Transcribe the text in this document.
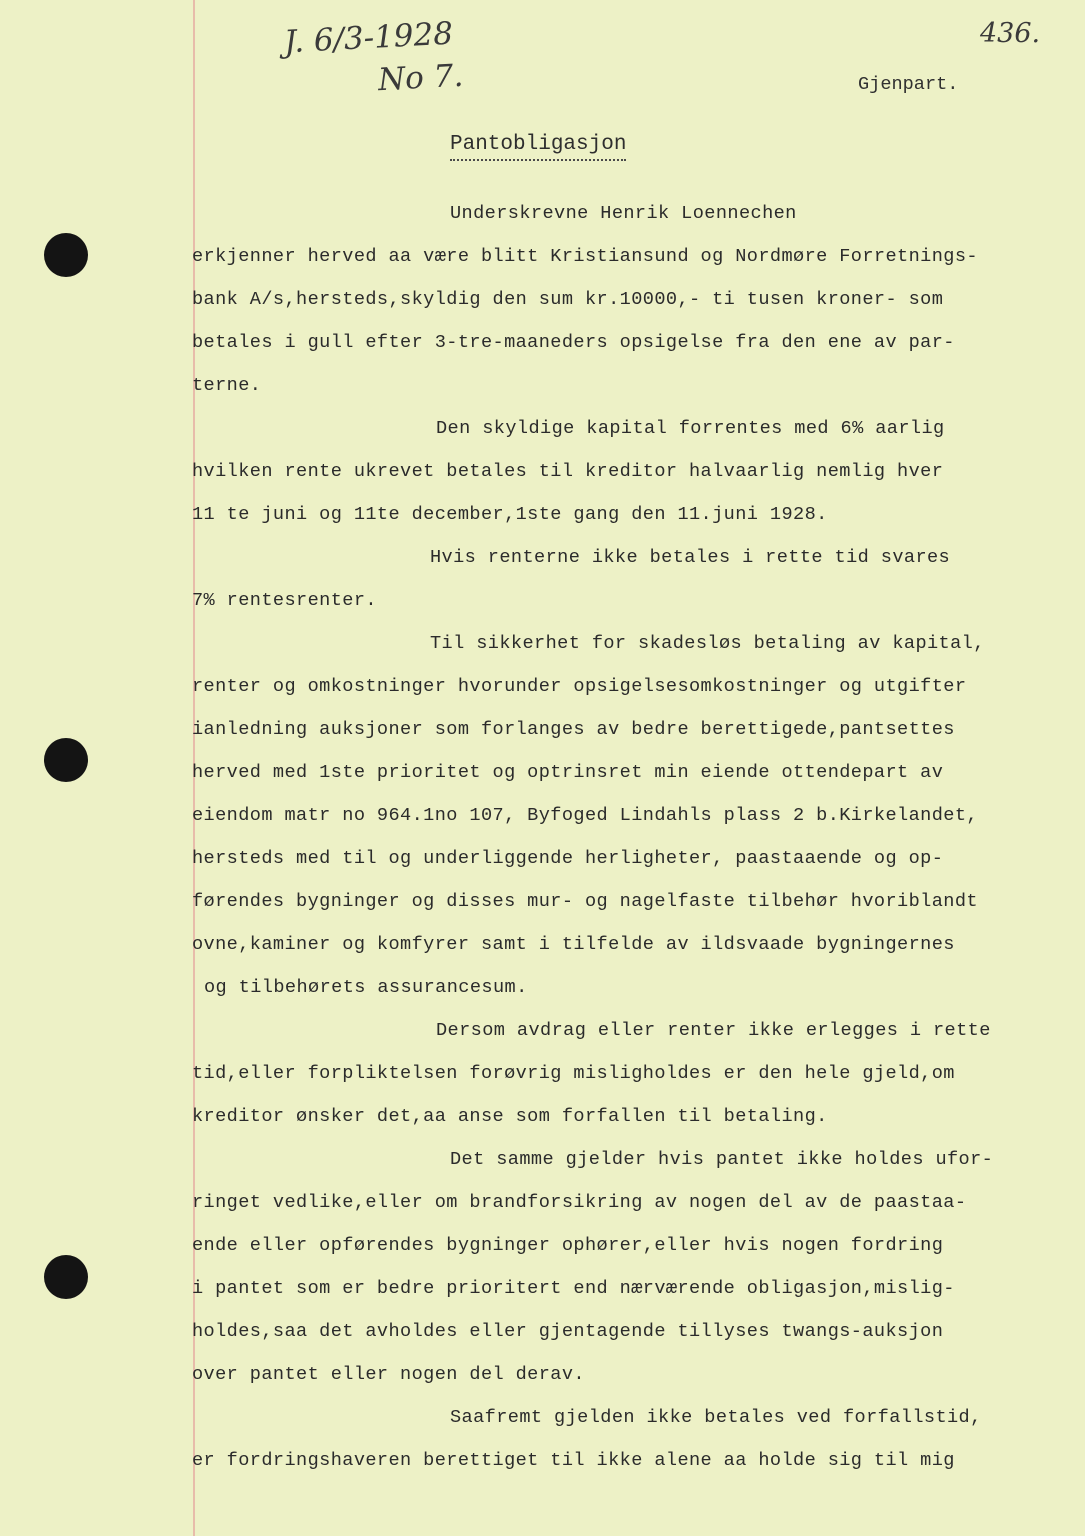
J. 6/3-1928
No 7.
436.
Gjenpart.
Pantobligasjon
Underskrevne Henrik Loennechen
erkjenner herved aa være blitt Kristiansund og Nordmøre Forretnings-
bank A/s,hersteds,skyldig den sum kr.10000,- ti tusen kroner- som
betales i gull efter 3-tre-maaneders opsigelse fra den ene av par-
terne.
Den skyldige kapital forrentes med 6% aarlig
hvilken rente ukrevet betales til kreditor halvaarlig nemlig hver
11 te juni og 11te december,1ste gang den 11.juni 1928.
Hvis renterne ikke betales i rette tid svares
7% rentesrenter.
Til sikkerhet for skadesløs betaling av kapital,
renter og omkostninger hvorunder opsigelsesomkostninger og utgifter
ianledning auksjoner som forlanges av bedre berettigede,pantsettes
herved med 1ste prioritet og optrinsret min eiende ottendepart av
eiendom matr no 964.1no 107, Byfoged Lindahls plass 2 b.Kirkelandet,
hersteds med til og underliggende herligheter, paastaaende og op-
førendes bygninger og disses mur- og nagelfaste tilbehør hvoriblandt
ovne,kaminer og komfyrer samt i tilfelde av ildsvaade bygningernes
og tilbehørets assurancesum.
Dersom avdrag eller renter ikke erlegges i rette
tid,eller forpliktelsen forøvrig misligholdes er den hele gjeld,om
kreditor ønsker det,aa anse som forfallen til betaling.
Det samme gjelder hvis pantet ikke holdes ufor-
ringet vedlike,eller om brandforsikring av nogen del av de paastaa-
ende eller opførendes bygninger ophører,eller hvis nogen fordring
i pantet som er bedre prioritert end nærværende obligasjon,mislig-
holdes,saa det avholdes eller gjentagende tillyses twangs-auksjon
over pantet eller nogen del derav.
Saafremt gjelden ikke betales ved forfallstid,
er fordringshaveren berettiget til ikke alene aa holde sig til mig
